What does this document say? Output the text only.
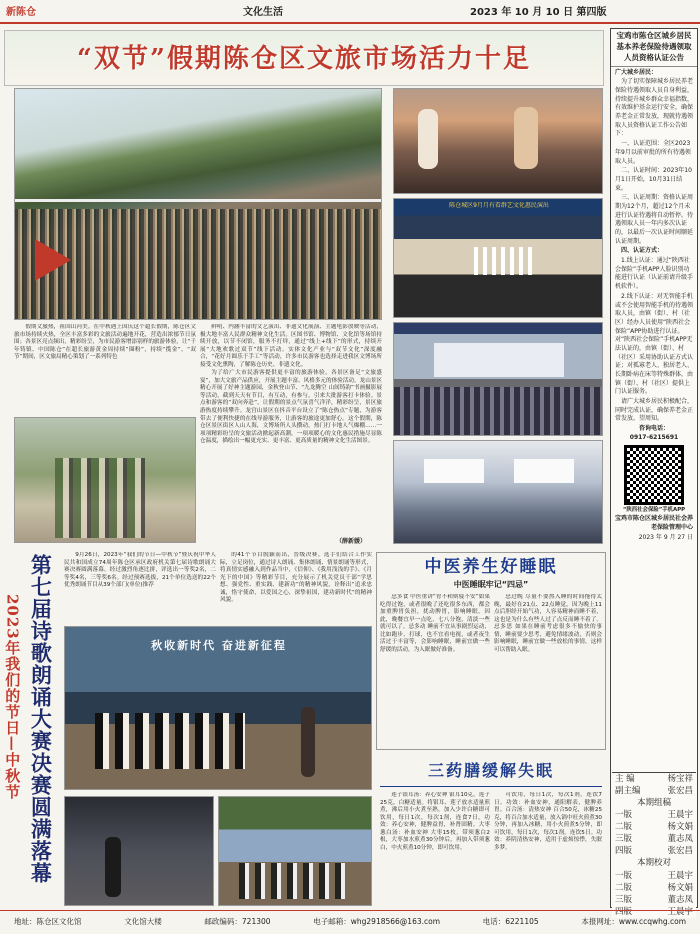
新陈仓	文化生活	2023 年 10 月 10 日 第四版
“双节”假期陈仓区文旅市场活力十足
陈仓城区9月月有看群艺文化惠民演出

假期文旅热，祖国山河美。在中秋遇上国庆这个超长假期，陈仓区文旅市场持续火热，全区丰富多彩的文旅活动遍地开花，营造出浓郁节日氛围；各景区亮点频出，精彩纷呈，为市民游客增添别样的旅游体验，让“千年铸镇、中国陈仓”在超长旅游黄金周持续“圈粉”，持续“揽金”。“双节”期间，区文旅局精心策划了一系列特色

鲜明、内涵丰富的文艺演出、非遗文化展演、主题电影放映等活动，极大地丰富人民群众精神文化生活。区图书馆、博物馆、文化馆等场馆持续开放，以节不闭馆，服务不打烊，通过“线上+线下”的形式，持续开展“大地欢歌过双节”线下活动。实体文化产业与“双节文化”深度融合，“花好月圆乐于手工”等活动，许多市民游客也选择走进我区文博场所接受文化熏陶，了解陈仓历史、非遗文化。

为了给广大市民游客提供更丰富的旅游体验，各景区备足“文旅盛宴”，加大文旅产品供应，开展主题丰富、风格多元的体验活动。龙山景区精心开展了好神主题游园，金秋登山节、“九龙腾空 山间铸韵”书画摄影展等活动，截到天天有节目，有互动，有参与，引来大批游客打卡体验。景点和游客的“双向奔赴”，让假期的景点气氛喜气洋洋，精彩纷呈，景区旅游热度持续攀升。龙宫山景区在抖音平台设立了“陈仓热点”专题，为游客带去了便利快捷的在线导游服务，让游客的旅途更加舒心。这个假期，陈仓区景区街区人山人海，文博场所人头攒动，热门打卡地人气爆棚……一项项精彩纷呈的文旅活动掀起新高潮，一项项暖心的文化惠民措施尽显陈仓温度，描绘出一幅更充实、更丰富、更高质量的精神文化生活图景。

（薛新媛）
第七届诗歌朗诵大赛决赛圆满落幕
2023年我们的节日—中秋节

9月26日，2023年“我们的节日—中秋节”暨庆祝中华人民共和国成立74周年陈仓区承区政府机关第七届诗歌朗诵大赛决赛圆满落幕。经过激烈角逐比拼，评选出一等奖2名，二等奖4名，三等奖6名。经过预赛选拔，21个单位选送的22个优秀朗诵节目从39个部门(单位)推荐

的41个节目脱颖而出，晋级决赛。选手们结合工作实际，立足岗位，通过诗人朗诵、集体朗诵、情景朗诵等形式，将真情实感融入到作品当中，《信仰》、《我用浅浅的手》、《月光下的中国》等精彩节目，充分展示了机关党员干部“学思想、强党性、重实践、建新功”的精神风貌，诠释出“追求忠诚，恪守使命，以爱国之心，深挚祖国，建功新时代”的精神风貌。

秋收新时代 奋进新征程
中医养生好睡眠
中医睡眠牢记“四忌”

忌多食 中医重讲“胃不和则寝不安”如果吃得过饱，或者很晚了还吃很多东西，都会加重脾胃负担，扰动脾胃，影响睡眠。因此，晚餐宜早一点吃，七八分饱，清淡一些就可以了。忌多动 睡前不宜从事剧烈运动，比如跑步、打球，也不宜看电视，或者夜生活过于丰富等，会影响睡眠，睡前宜做一些舒缓的活动，为入眠做好准备。

忌过晚 尽量不要熬入睡的时间拖得太晚，最好在21点、22点睡觉，因为晚上11点后胆经开始气功，人容易精神而睡不着，这也是为什么有些人过了点反而睡不着了。忌多思 如果在睡前考虑很多不愉快的事情，睡前要少思考，避免情绪波动，否则会影响睡眠，睡前宜做一些放松的事情，这样可以帮助入眠。

三药膳缓解失眠

莲子银耳汤：养心安神 银耳10克，莲子25克，白糖适量。将银耳、莲子放水适量煎煮，沸后用小火煮至熟，加入少许白糖即可饮用，每日1次，每次1剂，连食7日。功效：养心安神，健脾益胃，补肾固精。大枣葱白汤：补血安神 大枣15枚，带须葱白2根，大枣加水煎煮30分钟后，再加入带须葱白，中火煎煮10分钟，即可饮用。

可饮用，每日1次，每次1剂，连饮7日。功效：补血安神，通阳解表，健脾养胃。百合汤：清热安神 百合50克，冰糖25克，将百合加水适量，放入锅中旺火煎煮30分钟，再加入冰糖，用小火煎煮5分钟，即可饮用，每日1次，每次1剂，连饮5日。功效：养阴清热安神，适用于虚烦惊悸，失眠多梦。

宝鸡市陈仓区城乡居民基本养老保险待遇领取人员资格认证公告

广大城乡居民：

为了切实保障城乡居民养老保险待遇领取人员自身利益，持续提升城乡群众幸福指数，有效维护基金运行安全，确保养老金正常发放，现就待遇领取人员资格认证工作公告如下：

一、认证范围：全区2023年9月以前审批的所有待遇领取人员。

二、认证时间：2023年10月1日开始，10月31日结束。

三、认证周期：资格认证周期为12个月，超过12个月未进行认证待遇将自动暂停。待遇领取人员一年内多次认证的，以最后一次认证时间顺延认证周期。

四、认证方式：

1.线上认证：通过“陕西社会保险”手机APP人脸识别功能进行认证（认证前请升级手机软件）。

2.线下认证：对无智能手机或不会使用智能手机的待遇领取人员，由镇（街）、村（社区）经办人员使用“陕西社会保险”APP协助进行认证。对“陕西社会保险”手机APP无法认证的，由镇（街）、村（社区）采用协助认证方式认证；对孤寡老人、独居老人、长期卧病在床等特殊群体，由镇（街）、村（社区）提供上门认证服务。

请广大城乡居民积极配合，同时完成认证，确保养老金正常发放。望周知。

咨询电话：
0917-6215691

“陕西社会保险”手机APP

宝鸡市陈仓区城乡居民社会养老保险管理中心

2023 年 9 月 27 日

主 编	杨宝祥
副主编	张宏昌
本期组稿
一版	王晨宇
二版	杨文娟
三版	董志凤
四版	张宏昌
本期校对
一版	王晨宇
二版	杨文娟
三版	董志凤
四版	王晨宇
地址：陈仓区文化馆	文化馆大楼	邮政编码：721300	电子邮箱：whg2918566@163.com	电话：6221105	本报网址：www.ccqwhg.com
